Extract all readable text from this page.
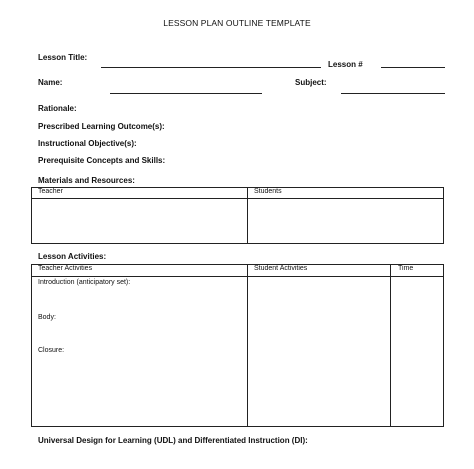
LESSON PLAN OUTLINE TEMPLATE
Lesson Title:
Lesson #
Name:	Subject:
Rationale:
Prescribed Learning Outcome(s):
Instructional Objective(s):
Prerequisite Concepts and Skills:
Materials and Resources:
Teacher	Students
Lesson Activities:
Teacher Activities	Student Activities	Time
Introduction (anticipatory set):
Body:
Closure:
Universal Design for Learning (UDL) and Differentiated Instruction (DI):
